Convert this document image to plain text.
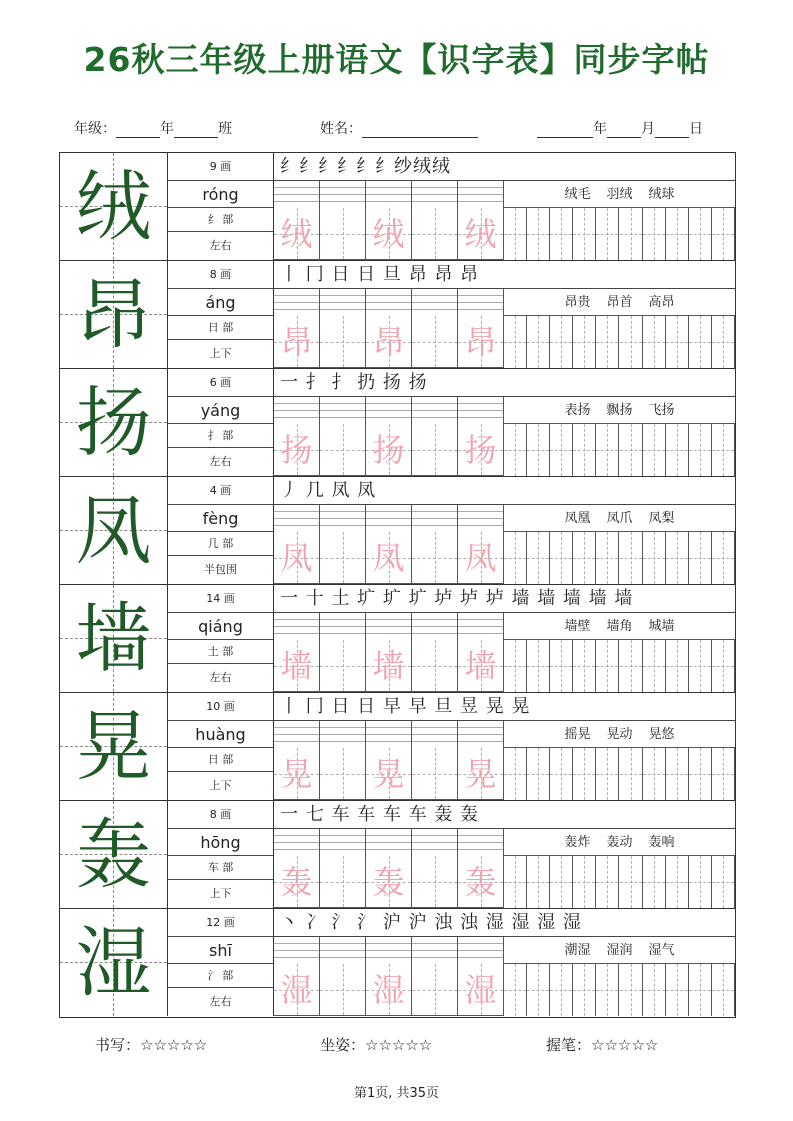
26秋三年级上册语文【识字表】同步字帖
年级：	年	班	姓名：	年 月 日
绒	9 画
róng
纟 部
左右
纟纟纟纟纟纟纱绒绒
绒毛 羽绒 绒球
绒 绒 绒
昂	8 画
áng
日 部
上下
丨 冂 日 日 旦 昂 昂 昂
昂贵 昂首 高昂
昂 昂 昂
扬	6 画
yáng
扌 部
左右
一 扌 扌 扔 扬 扬
表扬 飘扬 飞扬
扬 扬 扬
凤	4 画
fèng
几 部
半包围
丿 几 凤 凤
凤凰 凤爪 凤梨
凤 凤 凤
墙	14 画
qiáng
土 部
左右
一 十 土 圹 圹 圹 垆 垆 垆 墙 墙 墙 墙 墙
墙壁 墙角 城墙
墙 墙 墙
晃	10 画
huàng
日 部
上下
丨 冂 日 日 早 早 旦 昱 晃 晃
摇晃 晃动 晃悠
晃 晃 晃
轰	8 画
hōng
车 部
上下
一 七 车 车 车 车 轰 轰
轰炸 轰动 轰响
轰 轰 轰
湿	12 画
shī
氵 部
左右
丶 冫 氵 氵 沪 沪 浊 浊 湿 湿 湿 湿
潮湿 湿润 湿气
湿 湿 湿
书写：☆☆☆☆☆	坐姿：☆☆☆☆☆	握笔：☆☆☆☆☆
第1页, 共35页
